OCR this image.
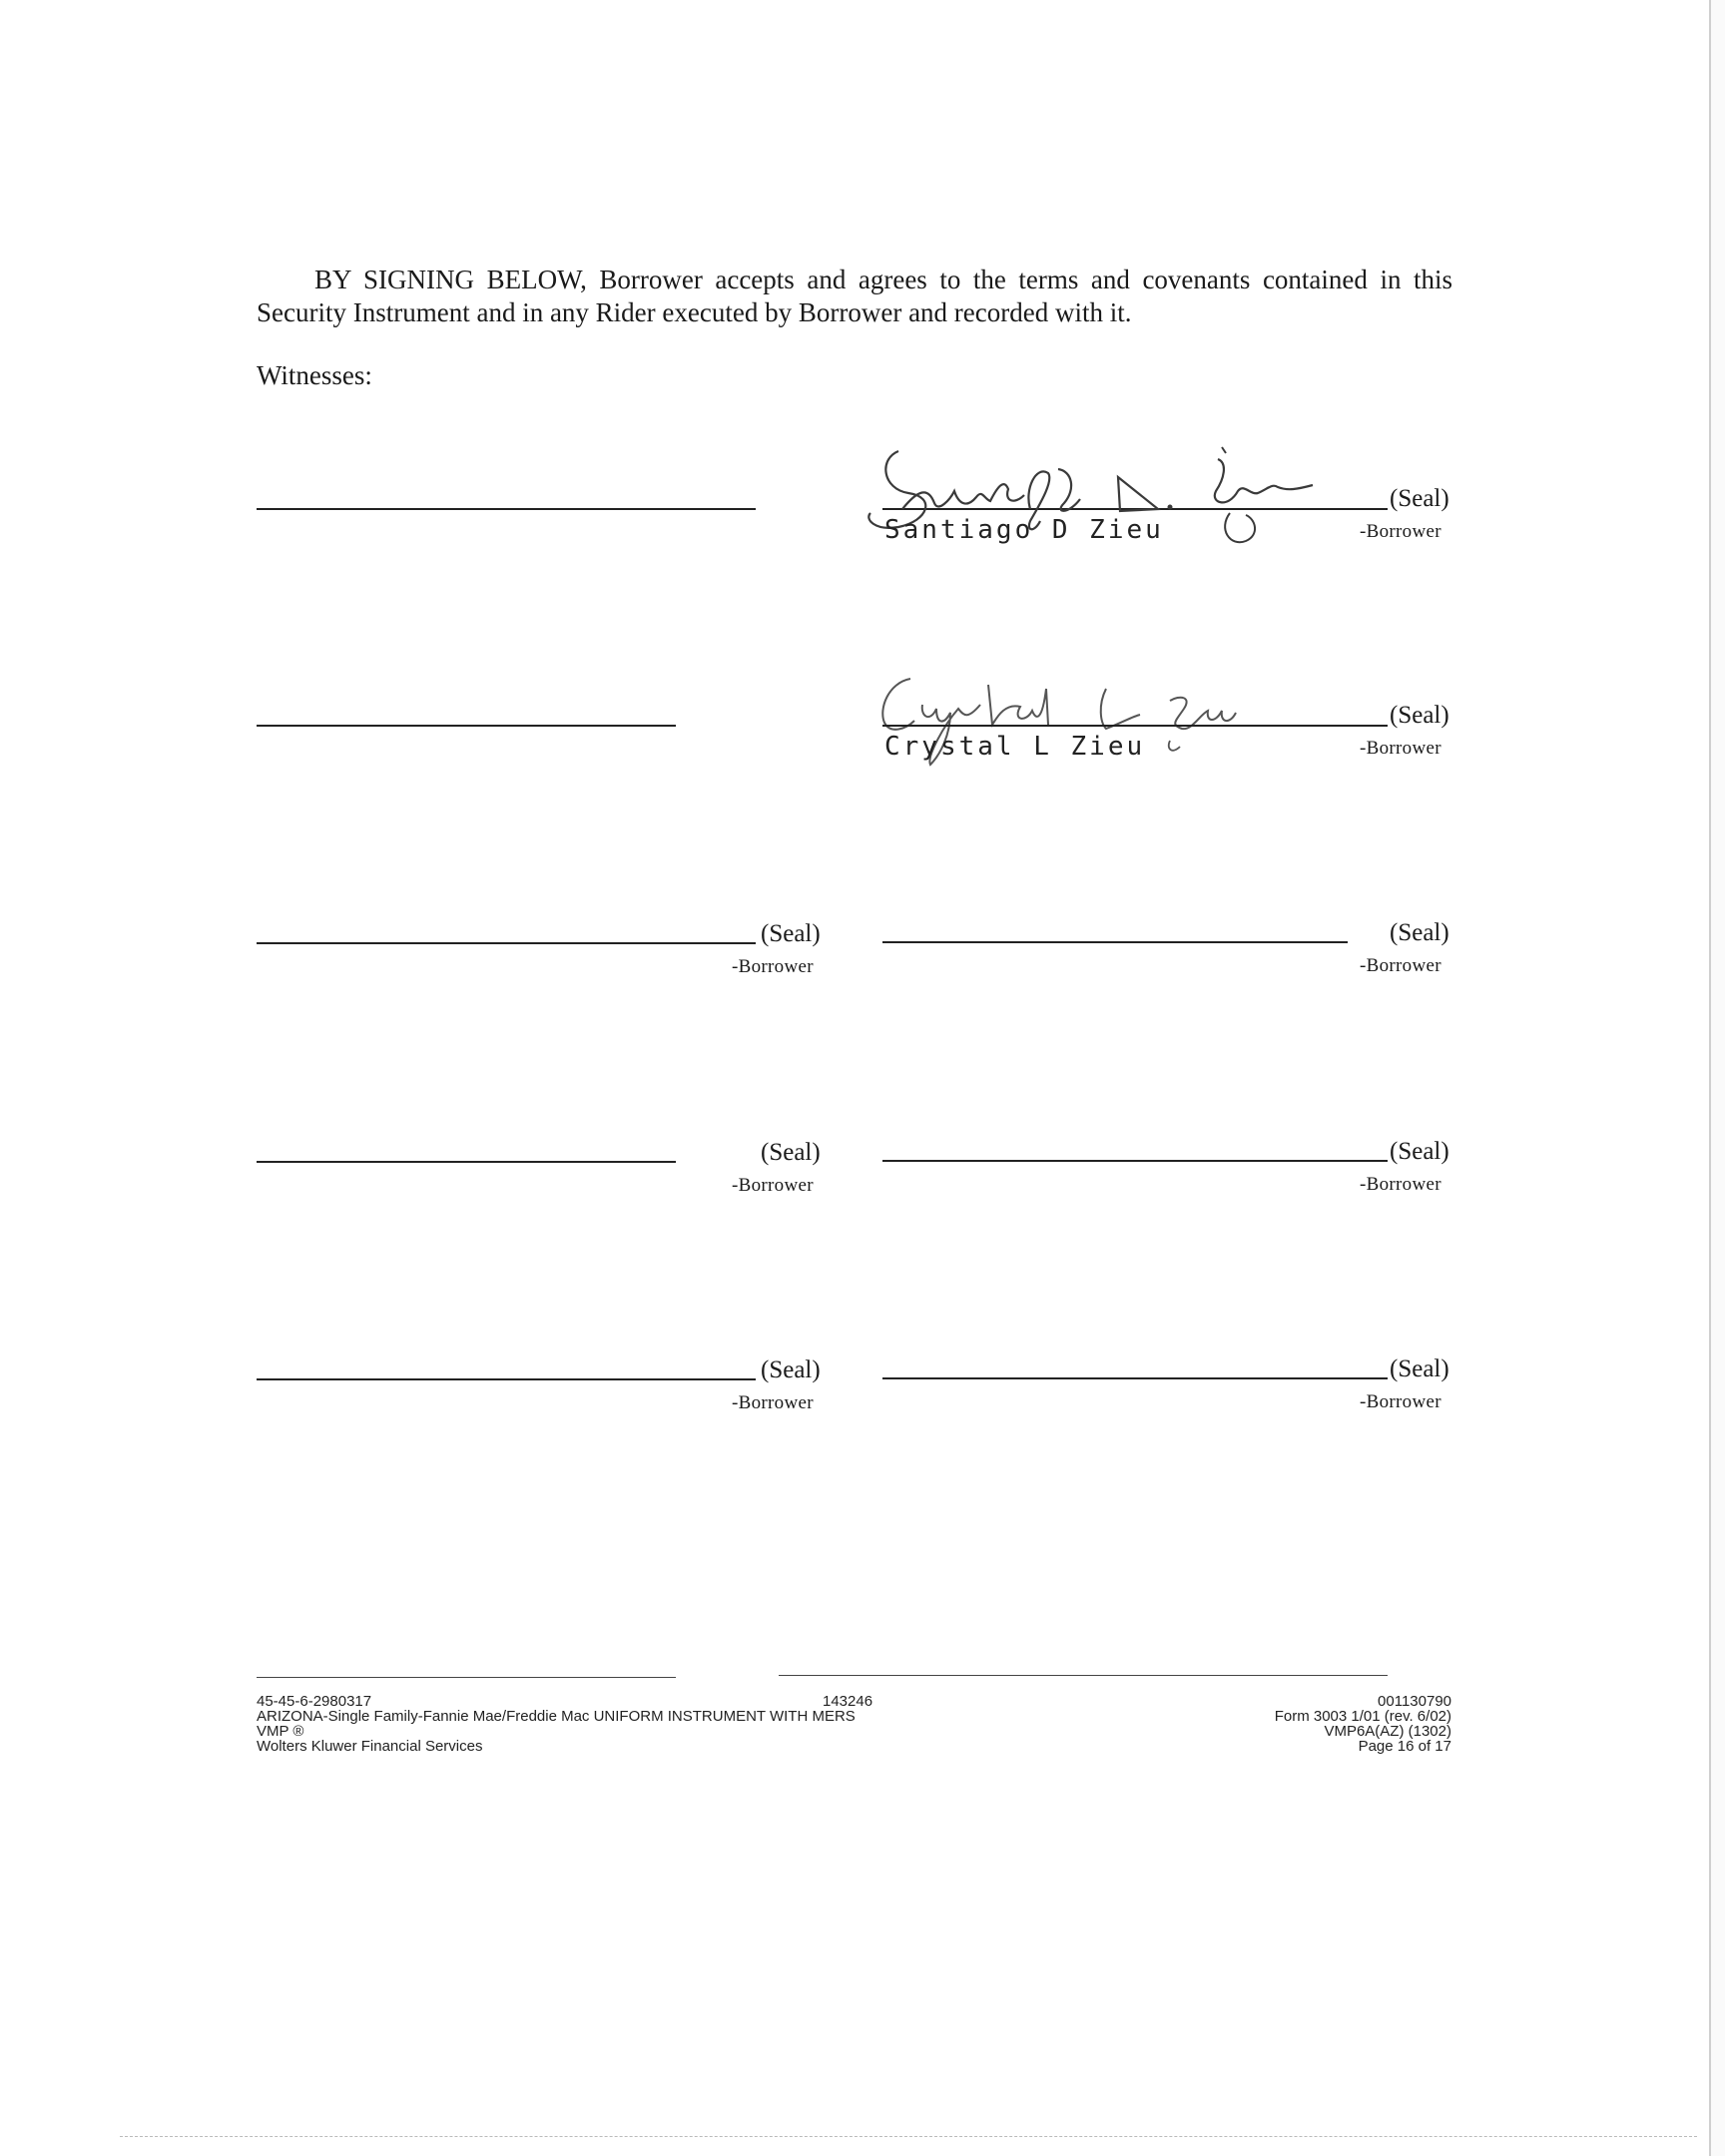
BY SIGNING BELOW, Borrower accepts and agrees to the terms and covenants contained in this Security Instrument and in any Rider executed by Borrower and recorded with it.

Witnesses:
Santiago D Zieu
(Seal)
-Borrower
Crystal L Zieu
(Seal)
-Borrower
(Seal)
-Borrower
(Seal)
-Borrower
(Seal)
-Borrower
(Seal)
-Borrower
(Seal)
-Borrower
(Seal)
-Borrower
45-45-6-2980317
ARIZONA-Single Family-Fannie Mae/Freddie Mac UNIFORM INSTRUMENT WITH MERS
VMP ®
Wolters Kluwer Financial Services
143246	001130790
Form 3003 1/01 (rev. 6/02)
VMP6A(AZ) (1302)
Page 16 of 17
